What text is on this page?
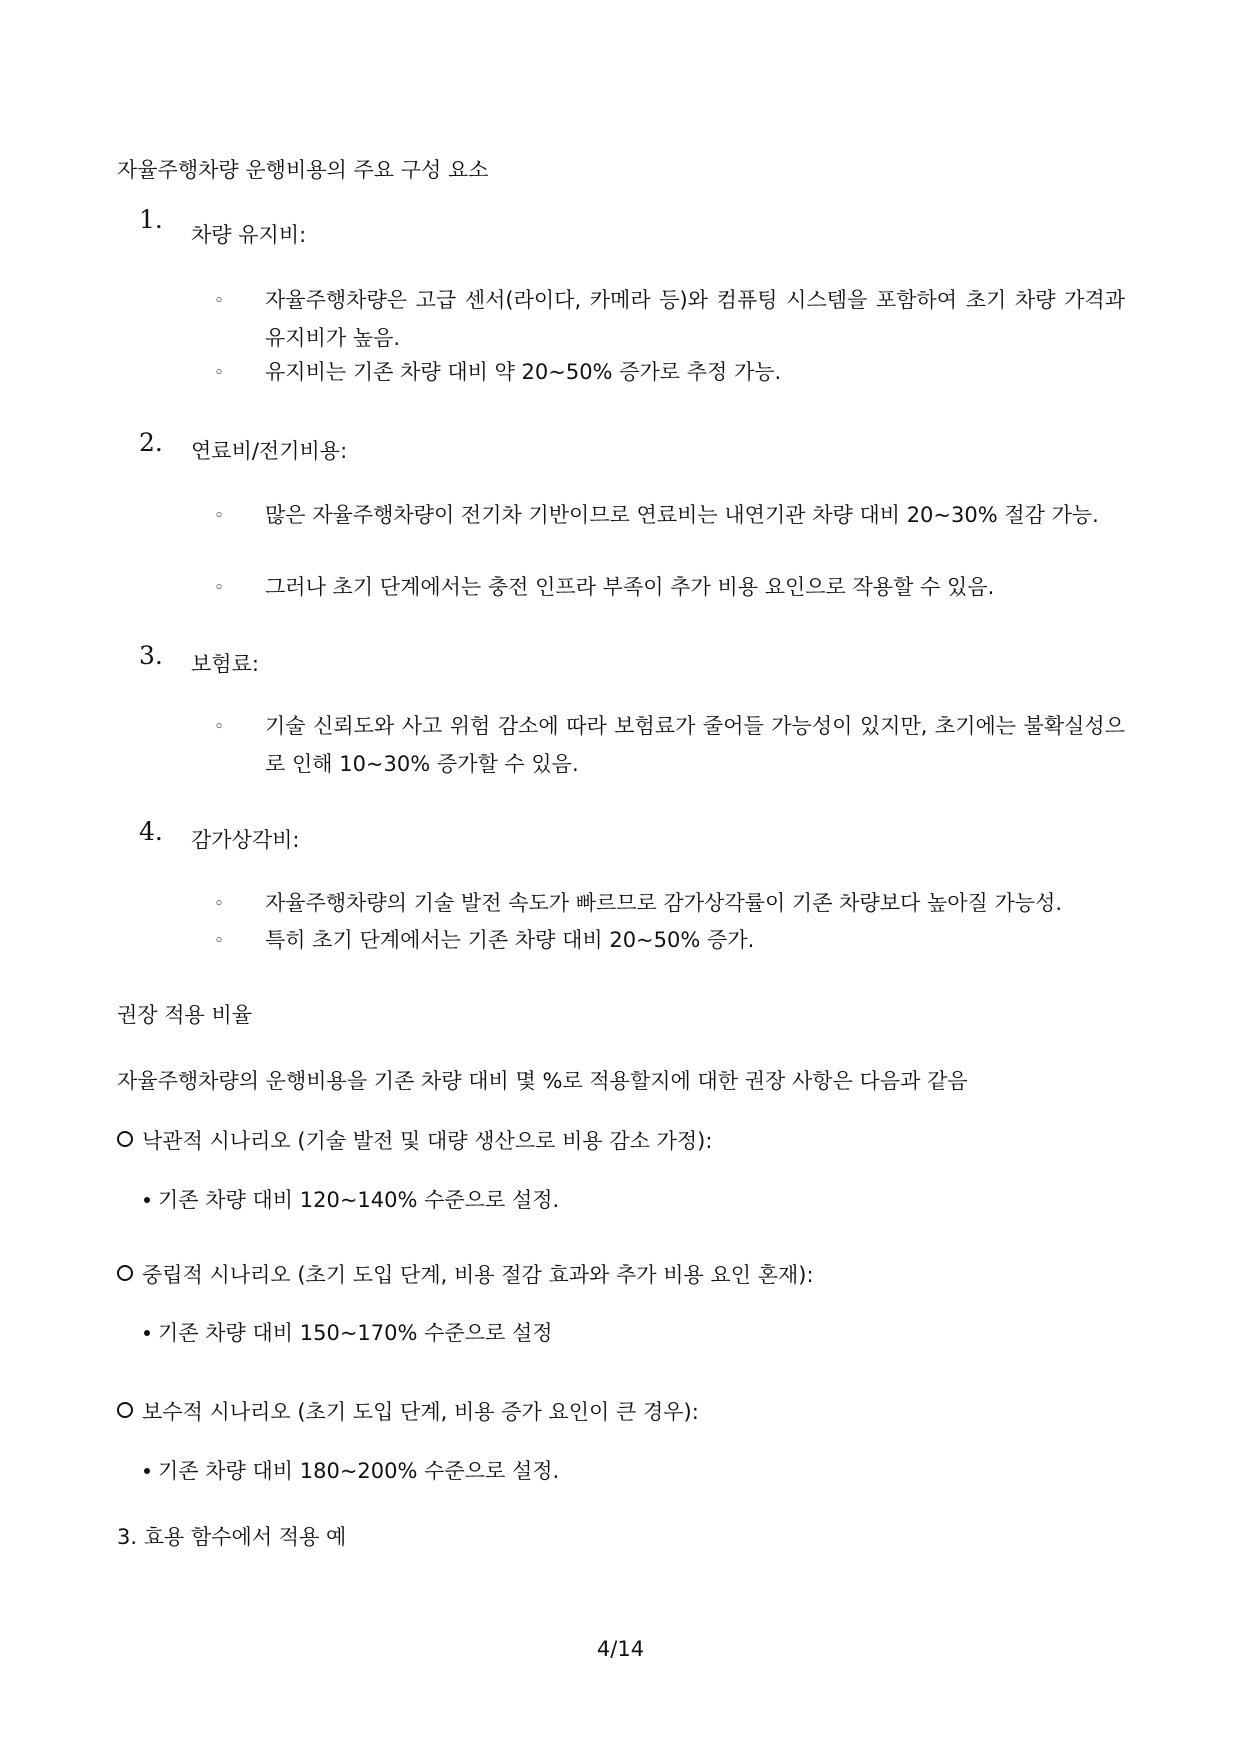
자율주행차량 운행비용의 주요 구성 요소
1.
차량 유지비:
◦ 자율주행차량은 고급 센서(라이다, 카메라 등)와 컴퓨팅 시스템을 포함하여 초기 차량 가격과 유지비가 높음.
◦ 유지비는 기존 차량 대비 약 20~50% 증가로 추정 가능.
2. 연료비/전기비용:
◦ 많은 자율주행차량이 전기차 기반이므로 연료비는 내연기관 차량 대비 20~30% 절감 가능.
◦ 그러나 초기 단계에서는 충전 인프라 부족이 추가 비용 요인으로 작용할 수 있음.
3. 보험료:
◦ 기술 신뢰도와 사고 위험 감소에 따라 보험료가 줄어들 가능성이 있지만, 초기에는 불확실성으로 인해 10~30% 증가할 수 있음.
4. 감가상각비:
◦ 자율주행차량의 기술 발전 속도가 빠르므로 감가상각률이 기존 차량보다 높아질 가능성.
◦ 특히 초기 단계에서는 기존 차량 대비 20~50% 증가.
권장 적용 비율
자율주행차량의 운행비용을 기존 차량 대비 몇 %로 적용할지에 대한 권장 사항은 다음과 같음
낙관적 시나리오 (기술 발전 및 대량 생산으로 비용 감소 가정):
기존 차량 대비 120~140% 수준으로 설정.
중립적 시나리오 (초기 도입 단계, 비용 절감 효과와 추가 비용 요인 혼재):
기존 차량 대비 150~170% 수준으로 설정
보수적 시나리오 (초기 도입 단계, 비용 증가 요인이 큰 경우):
기존 차량 대비 180~200% 수준으로 설정.
3. 효용 함수에서 적용 예
4/14
